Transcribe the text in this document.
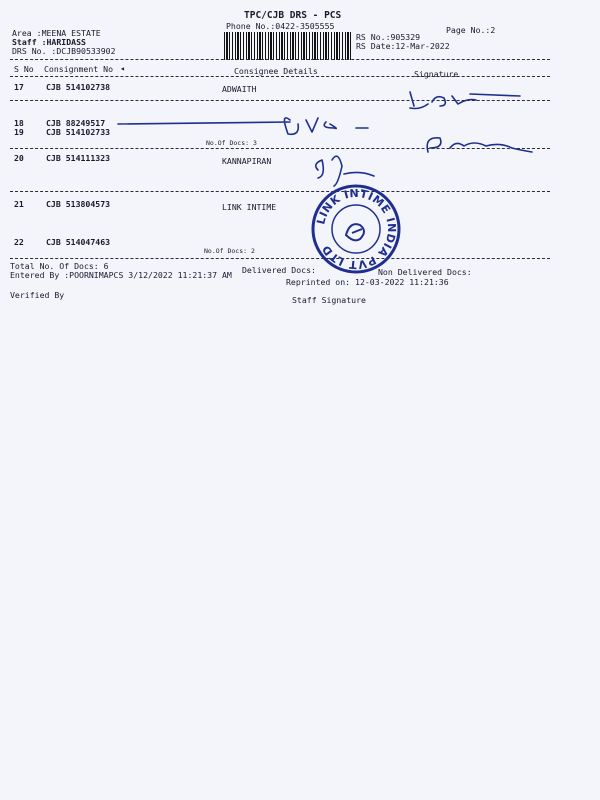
TPC/CJB DRS - PCS
Phone No.:0422-3505555	Page No.:2
Area :MEENA ESTATE
Staff :HARIDASS
DRS No. :DCJB90533902
RS No.:905329
RS Date:12-Mar-2022
S No Consignment No ◂	Consignee Details	Signature
17	CJB 514102738	ADWAITH
18	CJB 88249517
19	CJB 514102733
No.Of Docs: 3
20	CJB 514111323	KANNAPIRAN
21	CJB 513804573	LINK INTIME
22	CJB 514047463
No.Of Docs: 2
Total No. Of Docs: 6	Delivered Docs:	Non Delivered Docs:
Entered By :POORNIMAPCS 3/12/2022 11:21:37 AM
Reprinted on: 12-03-2022 11:21:36
Verified By	Staff Signature
LINK INTIME INDIA PVT LTD
